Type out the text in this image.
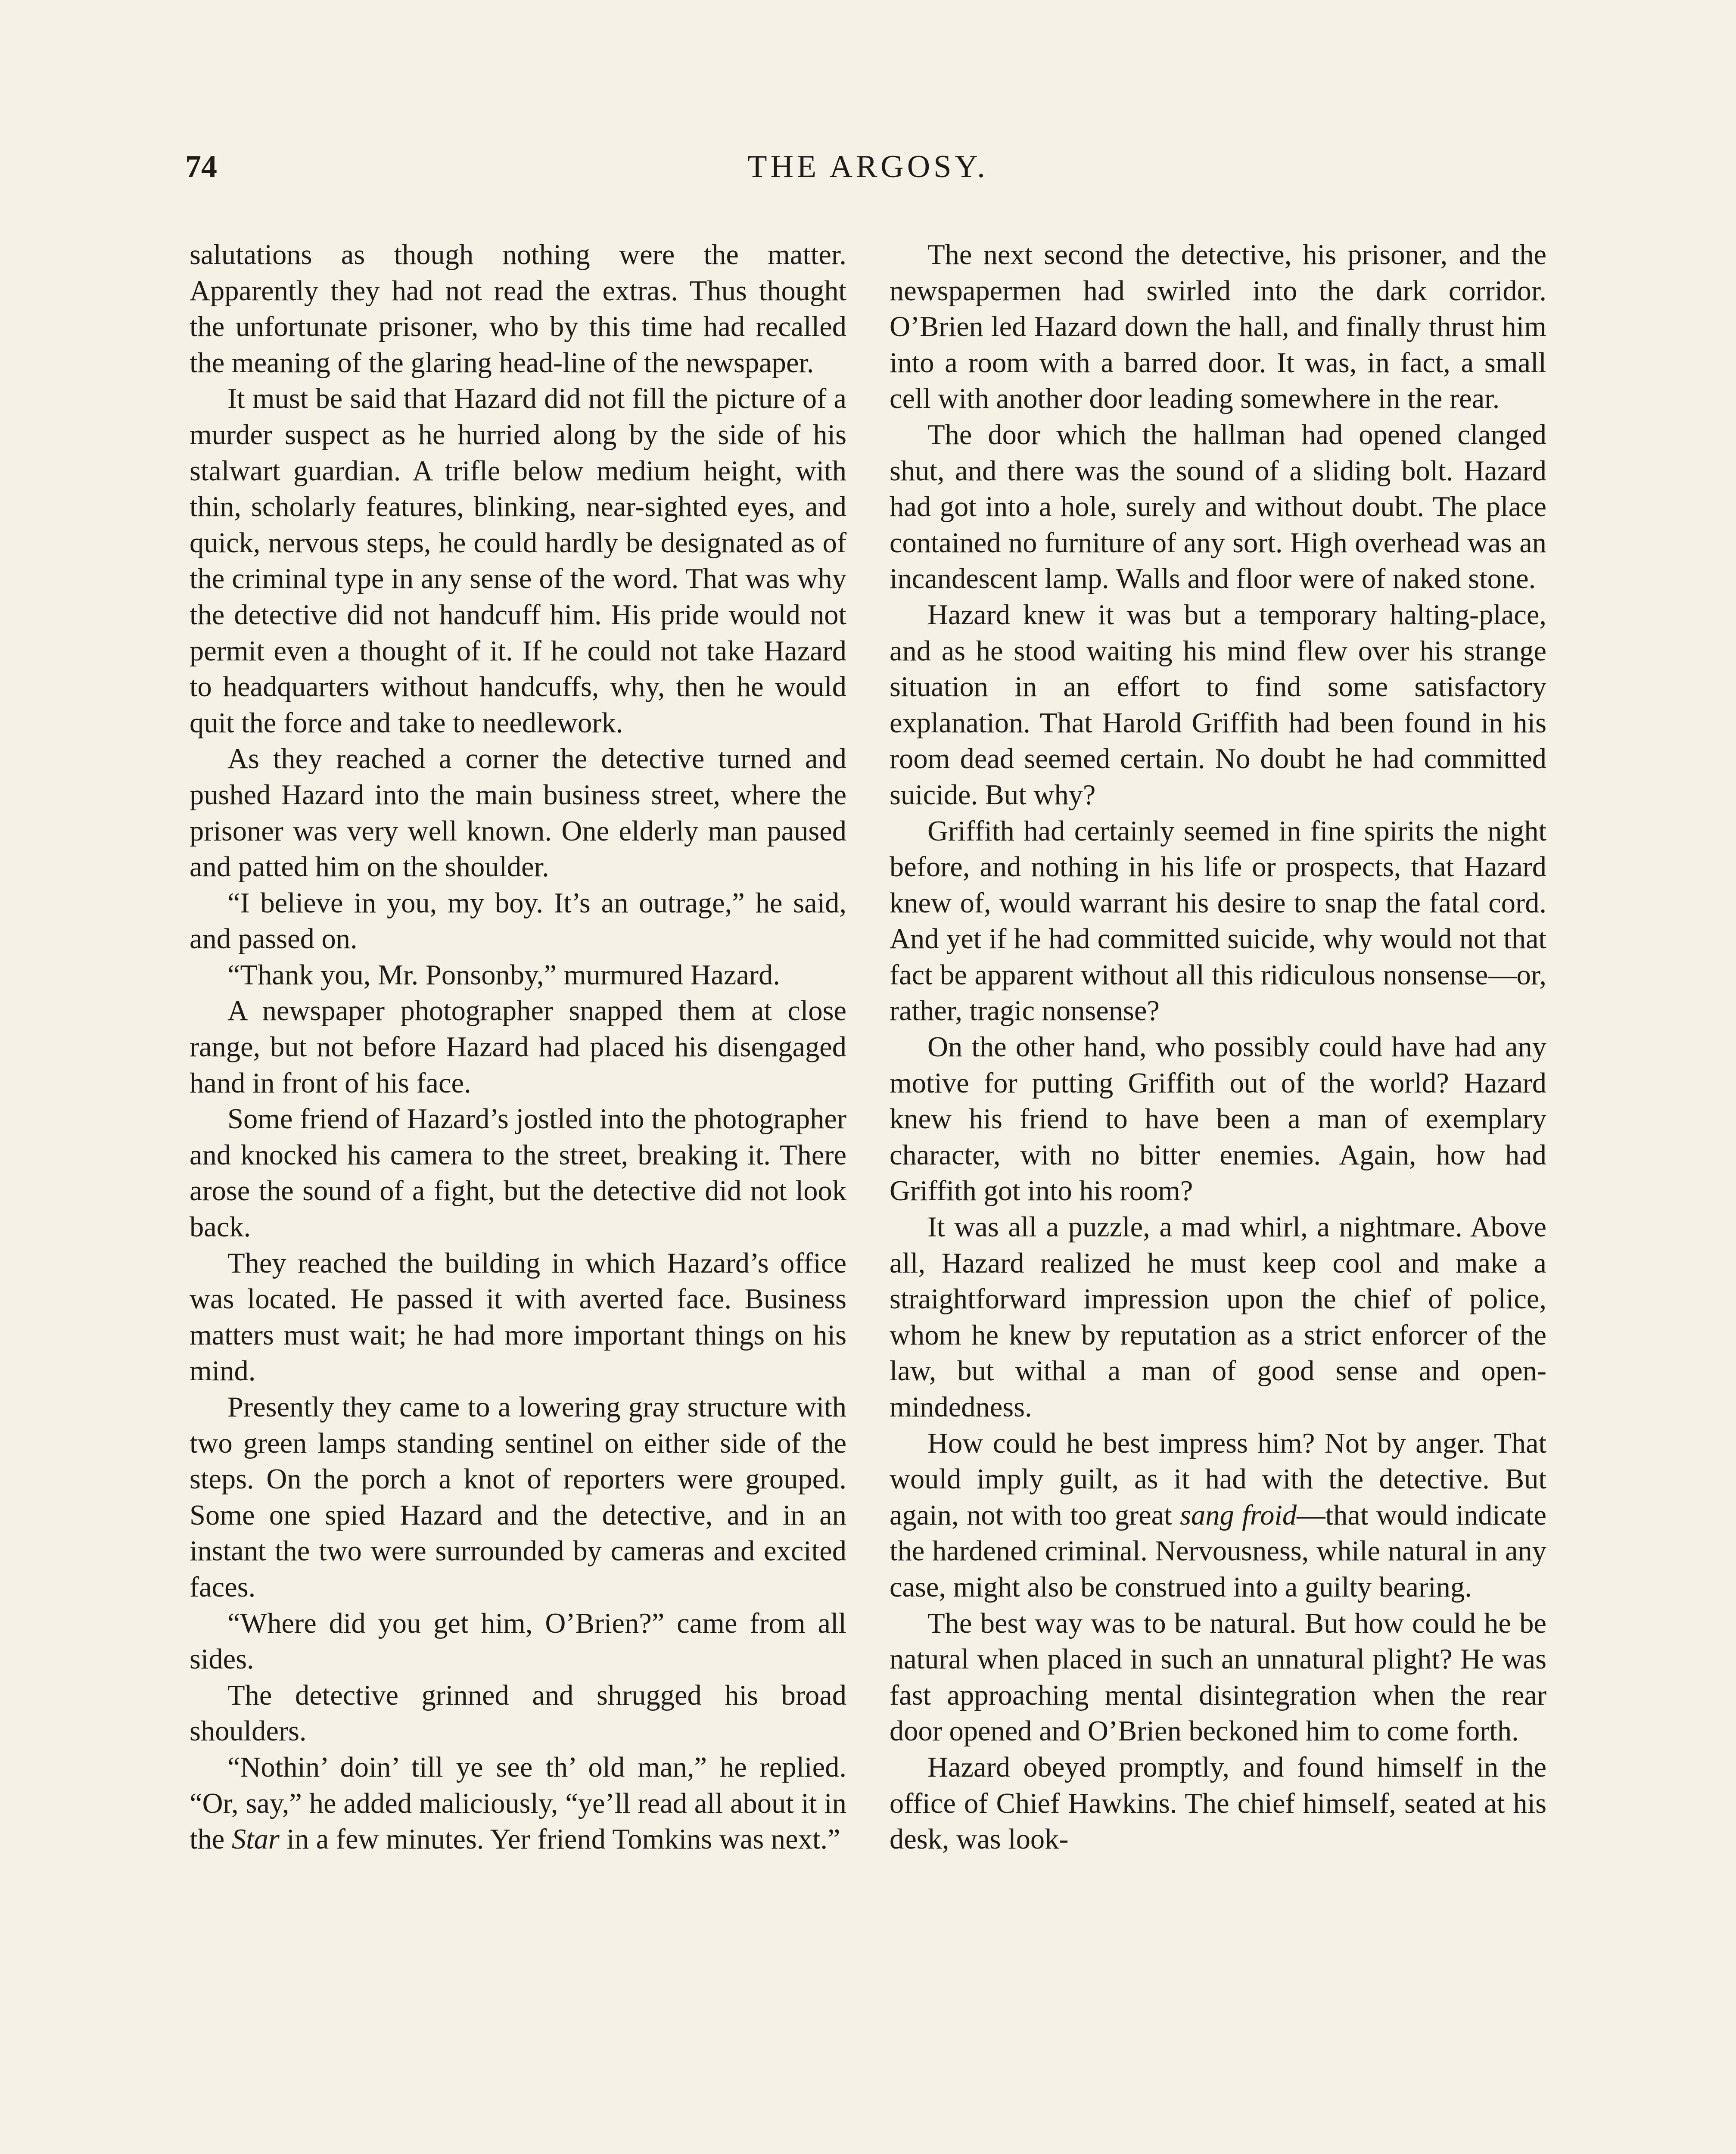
74	THE ARGOSY.

salutations as though nothing were the matter. Apparently they had not read the extras. Thus thought the unfortunate prisoner, who by this time had recalled the meaning of the glaring head-line of the newspaper.

It must be said that Hazard did not fill the picture of a murder suspect as he hurried along by the side of his stalwart guardian. A trifle below medium height, with thin, scholarly features, blinking, near-sighted eyes, and quick, nervous steps, he could hardly be designated as of the criminal type in any sense of the word. That was why the detective did not handcuff him. His pride would not permit even a thought of it. If he could not take Hazard to headquarters without handcuffs, why, then he would quit the force and take to needlework.

As they reached a corner the detective turned and pushed Hazard into the main business street, where the prisoner was very well known. One elderly man paused and patted him on the shoulder.

“I believe in you, my boy. It’s an outrage,” he said, and passed on.

“Thank you, Mr. Ponsonby,” murmured Hazard.

A newspaper photographer snapped them at close range, but not before Hazard had placed his disengaged hand in front of his face.

Some friend of Hazard’s jostled into the photographer and knocked his camera to the street, breaking it. There arose the sound of a fight, but the detective did not look back.

They reached the building in which Hazard’s office was located. He passed it with averted face. Business matters must wait; he had more important things on his mind.

Presently they came to a lowering gray structure with two green lamps standing sentinel on either side of the steps. On the porch a knot of reporters were grouped. Some one spied Hazard and the detective, and in an instant the two were surrounded by cameras and excited faces.

“Where did you get him, O’Brien?” came from all sides.

The detective grinned and shrugged his broad shoulders.

“Nothin’ doin’ till ye see th’ old man,” he replied. “Or, say,” he added maliciously, “ye’ll read all about it in the Star in a few minutes. Yer friend Tomkins was next.”

The next second the detective, his prisoner, and the newspapermen had swirled into the dark corridor. O’Brien led Hazard down the hall, and finally thrust him into a room with a barred door. It was, in fact, a small cell with another door leading somewhere in the rear.

The door which the hallman had opened clanged shut, and there was the sound of a sliding bolt. Hazard had got into a hole, surely and without doubt. The place contained no furniture of any sort. High overhead was an incandescent lamp. Walls and floor were of naked stone.

Hazard knew it was but a temporary halting-place, and as he stood waiting his mind flew over his strange situation in an effort to find some satisfactory explanation. That Harold Griffith had been found in his room dead seemed certain. No doubt he had committed suicide. But why?

Griffith had certainly seemed in fine spirits the night before, and nothing in his life or prospects, that Hazard knew of, would warrant his desire to snap the fatal cord. And yet if he had committed suicide, why would not that fact be apparent without all this ridiculous nonsense—or, rather, tragic nonsense?

On the other hand, who possibly could have had any motive for putting Griffith out of the world? Hazard knew his friend to have been a man of exemplary character, with no bitter enemies. Again, how had Griffith got into his room?

It was all a puzzle, a mad whirl, a nightmare. Above all, Hazard realized he must keep cool and make a straightforward impression upon the chief of police, whom he knew by reputation as a strict enforcer of the law, but withal a man of good sense and open-mindedness.

How could he best impress him? Not by anger. That would imply guilt, as it had with the detective. But again, not with too great sang froid—that would indicate the hardened criminal. Nervousness, while natural in any case, might also be construed into a guilty bearing.

The best way was to be natural. But how could he be natural when placed in such an unnatural plight? He was fast approaching mental disintegration when the rear door opened and O’Brien beckoned him to come forth.

Hazard obeyed promptly, and found himself in the office of Chief Hawkins. The chief himself, seated at his desk, was look-
